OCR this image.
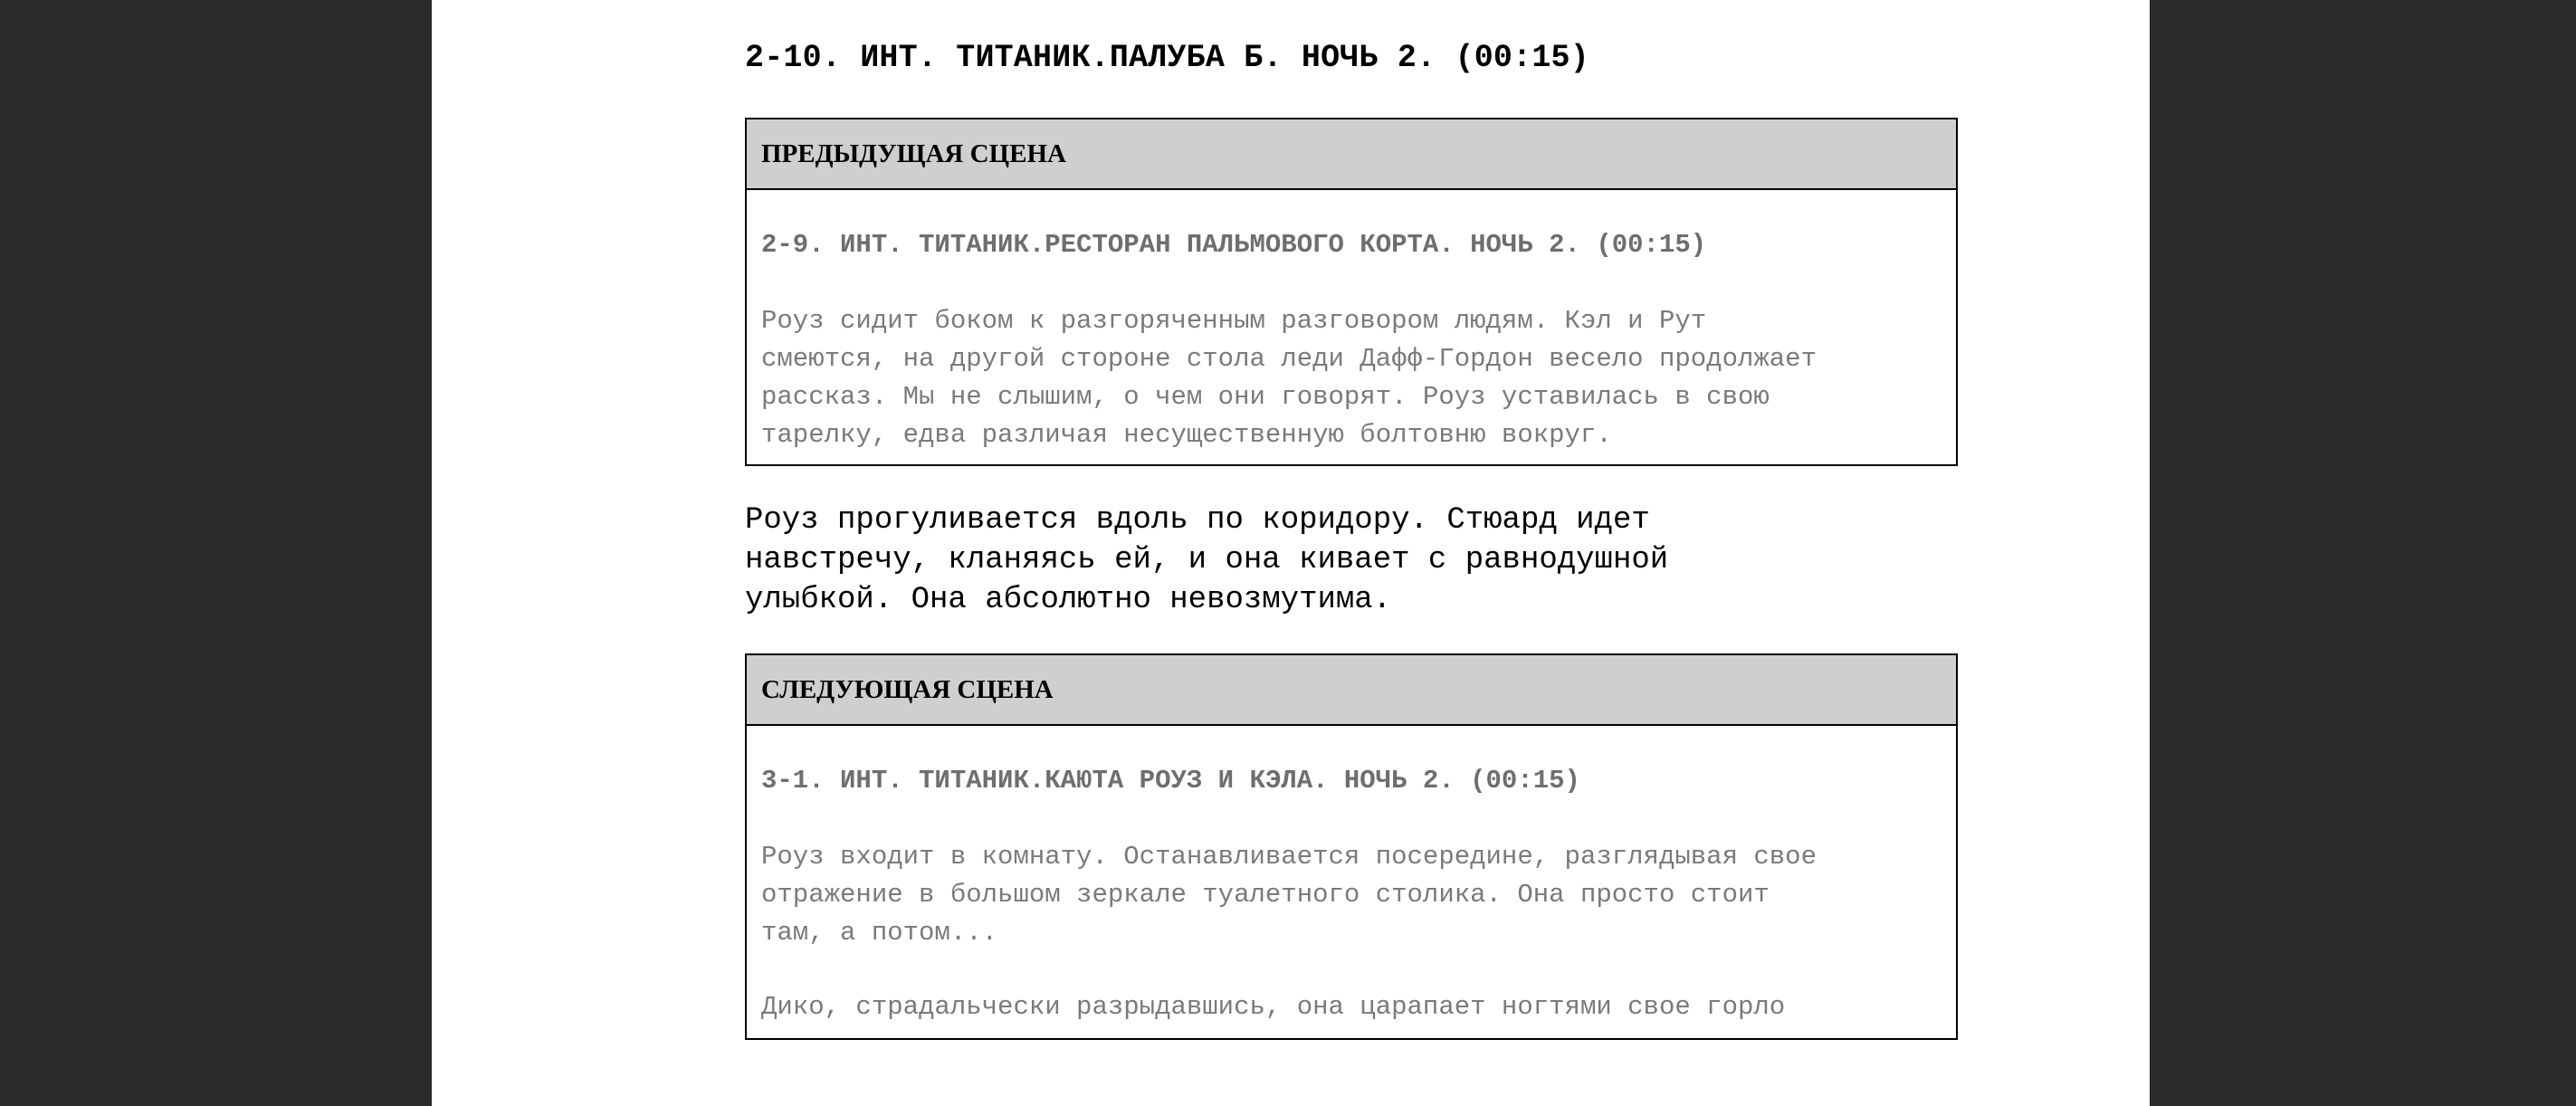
2-10. ИНТ. ТИТАНИК.ПАЛУБА Б. НОЧЬ 2. (00:15)
ПРЕДЫДУЩАЯ СЦЕНА

2-9. ИНТ. ТИТАНИК.РЕСТОРАН ПАЛЬМОВОГО КОРТА. НОЧЬ 2. (00:15)

Роуз сидит боком к разгоряченным разговором людям. Кэл и Рут
смеются, на другой стороне стола леди Дафф-Гордон весело продолжает
рассказ. Мы не слышим, о чем они говорят. Роуз уставилась в свою
тарелку, едва различая несущественную болтовню вокруг.

Роуз прогуливается вдоль по коридору. Стюард идет
навстречу, кланяясь ей, и она кивает с равнодушной
улыбкой. Она абсолютно невозмутима.

СЛЕДУЮЩАЯ СЦЕНА

3-1. ИНТ. ТИТАНИК.КАЮТА РОУЗ И КЭЛА. НОЧЬ 2. (00:15)

Роуз входит в комнату. Останавливается посередине, разглядывая свое
отражение в большом зеркале туалетного столика. Она просто стоит
там, а потом...

Дико, страдальчески разрыдавшись, она царапает ногтями свое горло
